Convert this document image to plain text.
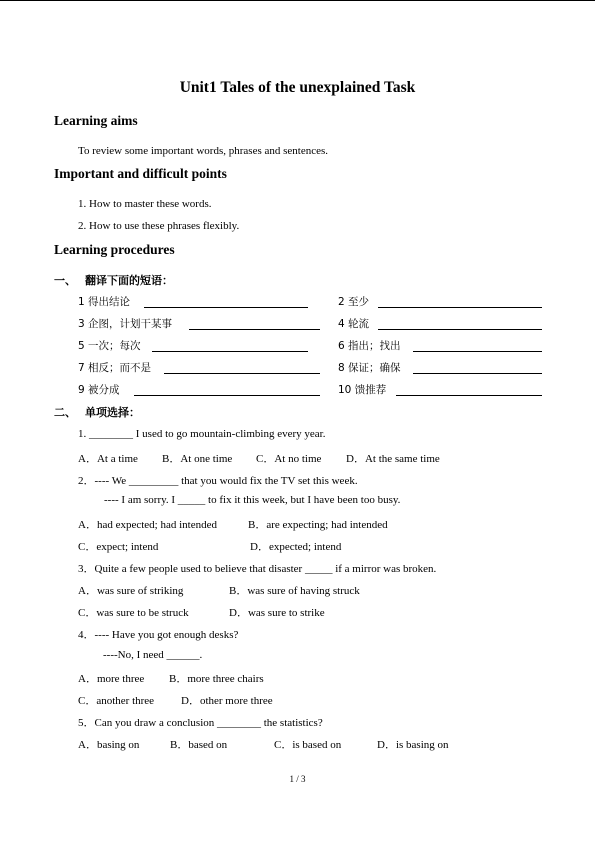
Unit1 Tales of the unexplained Task
Learning aims
To review some important words, phrases and sentences.
Important and difficult points
1. How to master these words.
2. How to use these phrases flexibly.
Learning procedures
一、 翻译下面的短语：
1 得出结论	2 至少
3 企图，计划干某事	4 轮流
5 一次；每次	6 指出；找出
7 相反；而不是	8 保证；确保
9 被分成	10 馈推荐
二、 单项选择：
1. ________ I used to go mountain-climbing every year.
A．At a time B．At one time C．At no time D．At the same time
2．---- We _________ that you would fix the TV set this week.
---- I am sorry. I _____ to fix it this week, but I have been too busy.
A．had expected; had intended	B．are expecting; had intended
C．expect; intend	D．expected; intend
3．Quite a few people used to believe that disaster _____ if a mirror was broken.
A．was sure of striking	B．was sure of having struck
C．was sure to be struck	D．was sure to strike
4．---- Have you got enough desks?
----No, I need ______.
A．more three B．more three chairs
C．another three D．other more three
5．Can you draw a conclusion ________ the statistics?
A．basing on	B．based on	C．is based on	D．is basing on
1 / 3
